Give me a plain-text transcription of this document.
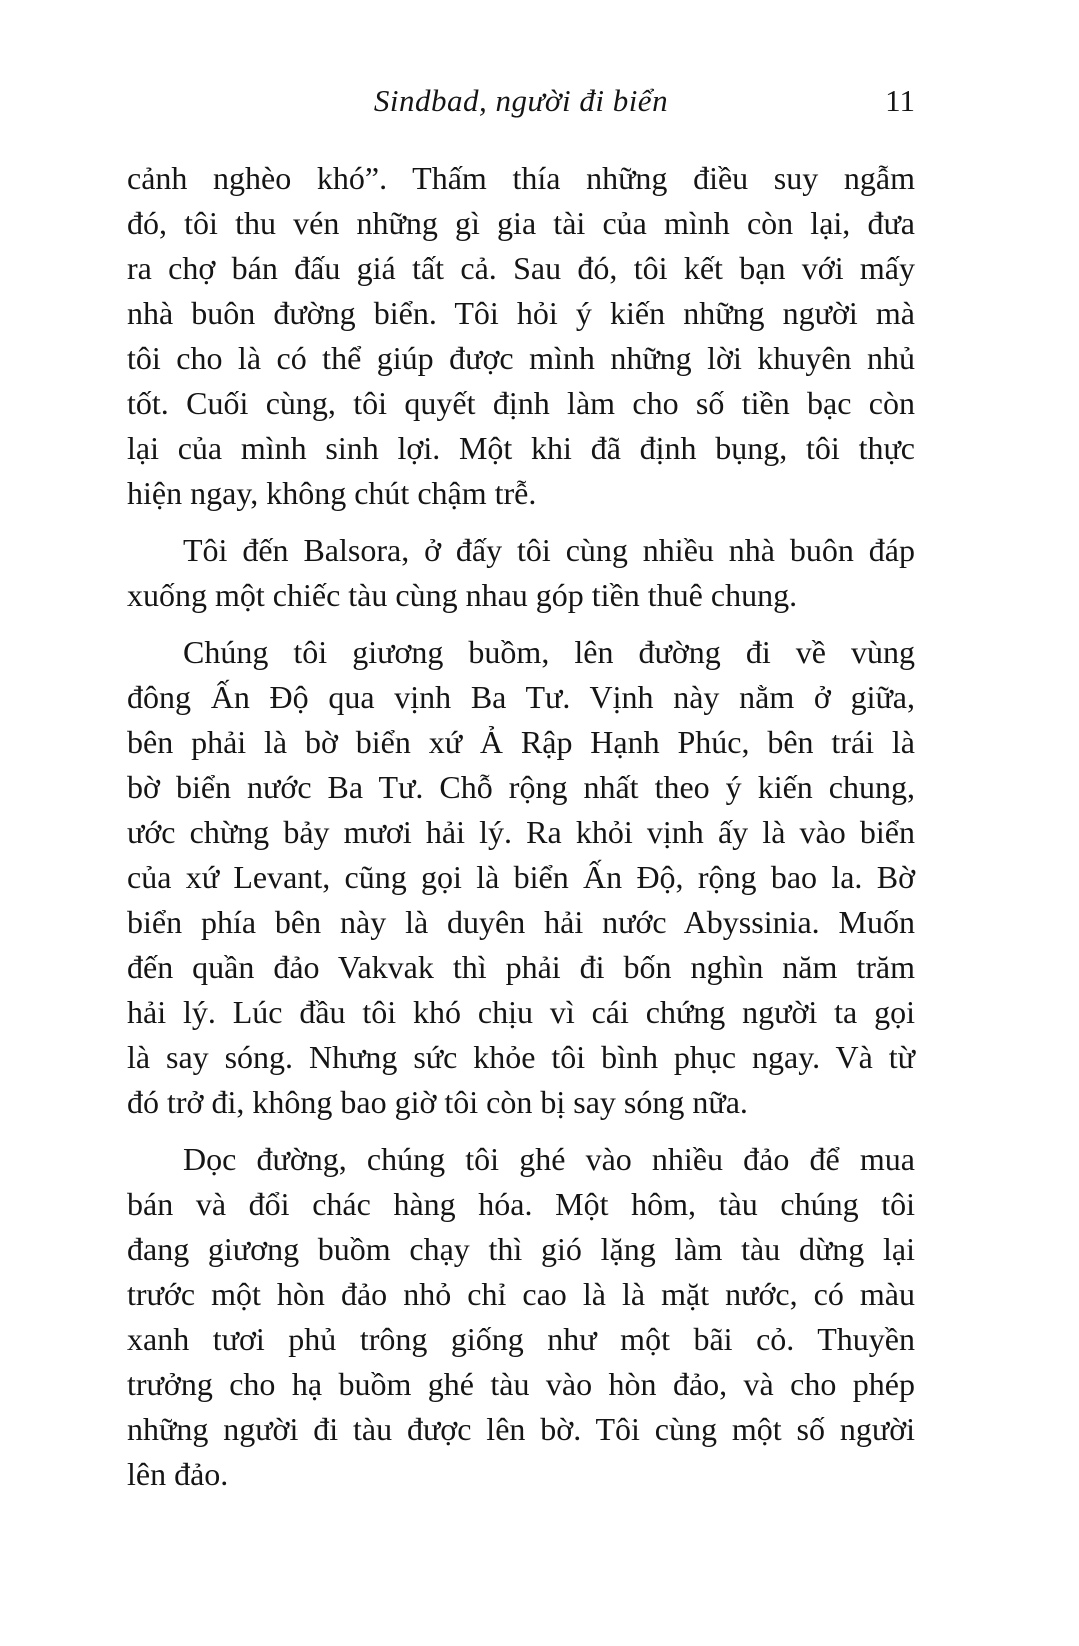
Sindbad, người đi biển	11
cảnh nghèo khó”. Thấm thía những điều suy ngẫm
đó, tôi thu vén những gì gia tài của mình còn lại, đưa
ra chợ bán đấu giá tất cả. Sau đó, tôi kết bạn với mấy
nhà buôn đường biển. Tôi hỏi ý kiến những người mà
tôi cho là có thể giúp được mình những lời khuyên nhủ
tốt. Cuối cùng, tôi quyết định làm cho số tiền bạc còn
lại của mình sinh lợi. Một khi đã định bụng, tôi thực
hiện ngay, không chút chậm trễ.
Tôi đến Balsora, ở đấy tôi cùng nhiều nhà buôn đáp
xuống một chiếc tàu cùng nhau góp tiền thuê chung.
Chúng tôi giương buồm, lên đường đi về vùng
đông Ấn Độ qua vịnh Ba Tư. Vịnh này nằm ở giữa,
bên phải là bờ biển xứ Ả Rập Hạnh Phúc, bên trái là
bờ biển nước Ba Tư. Chỗ rộng nhất theo ý kiến chung,
ước chừng bảy mươi hải lý. Ra khỏi vịnh ấy là vào biển
của xứ Levant, cũng gọi là biển Ấn Độ, rộng bao la. Bờ
biển phía bên này là duyên hải nước Abyssinia. Muốn
đến quần đảo Vakvak thì phải đi bốn nghìn năm trăm
hải lý. Lúc đầu tôi khó chịu vì cái chứng người ta gọi
là say sóng. Nhưng sức khỏe tôi bình phục ngay. Và từ
đó trở đi, không bao giờ tôi còn bị say sóng nữa.
Dọc đường, chúng tôi ghé vào nhiều đảo để mua
bán và đổi chác hàng hóa. Một hôm, tàu chúng tôi
đang giương buồm chạy thì gió lặng làm tàu dừng lại
trước một hòn đảo nhỏ chỉ cao là là mặt nước, có màu
xanh tươi phủ trông giống như một bãi cỏ. Thuyền
trưởng cho hạ buồm ghé tàu vào hòn đảo, và cho phép
những người đi tàu được lên bờ. Tôi cùng một số người
lên đảo.
